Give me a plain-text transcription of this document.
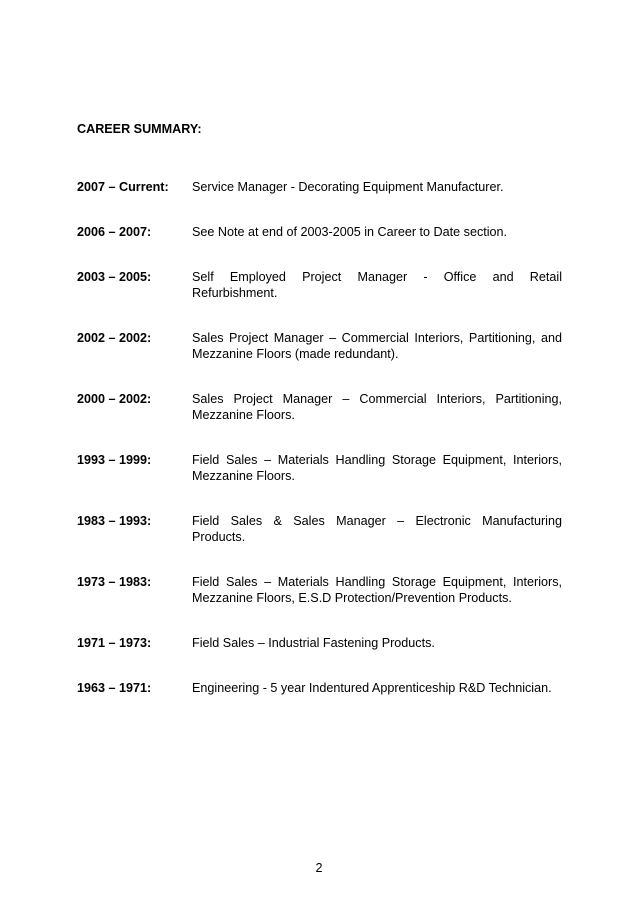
CAREER SUMMARY:
2007 – Current:	Service Manager - Decorating Equipment Manufacturer.
2006 – 2007:	See Note at end of 2003-2005 in Career to Date section.
2003 – 2005:	Self Employed Project Manager - Office and Retail Refurbishment.
2002 – 2002:	Sales Project Manager – Commercial Interiors, Partitioning, and Mezzanine Floors (made redundant).
2000 – 2002:	Sales Project Manager – Commercial Interiors, Partitioning, Mezzanine Floors.
1993 – 1999:	Field Sales – Materials Handling Storage Equipment, Interiors, Mezzanine Floors.
1983 – 1993:	Field Sales & Sales Manager – Electronic Manufacturing Products.
1973 – 1983:	Field Sales – Materials Handling Storage Equipment, Interiors, Mezzanine Floors, E.S.D Protection/Prevention Products.
1971 – 1973:	Field Sales – Industrial Fastening Products.
1963 – 1971:	Engineering - 5 year Indentured Apprenticeship R&D Technician.
2
